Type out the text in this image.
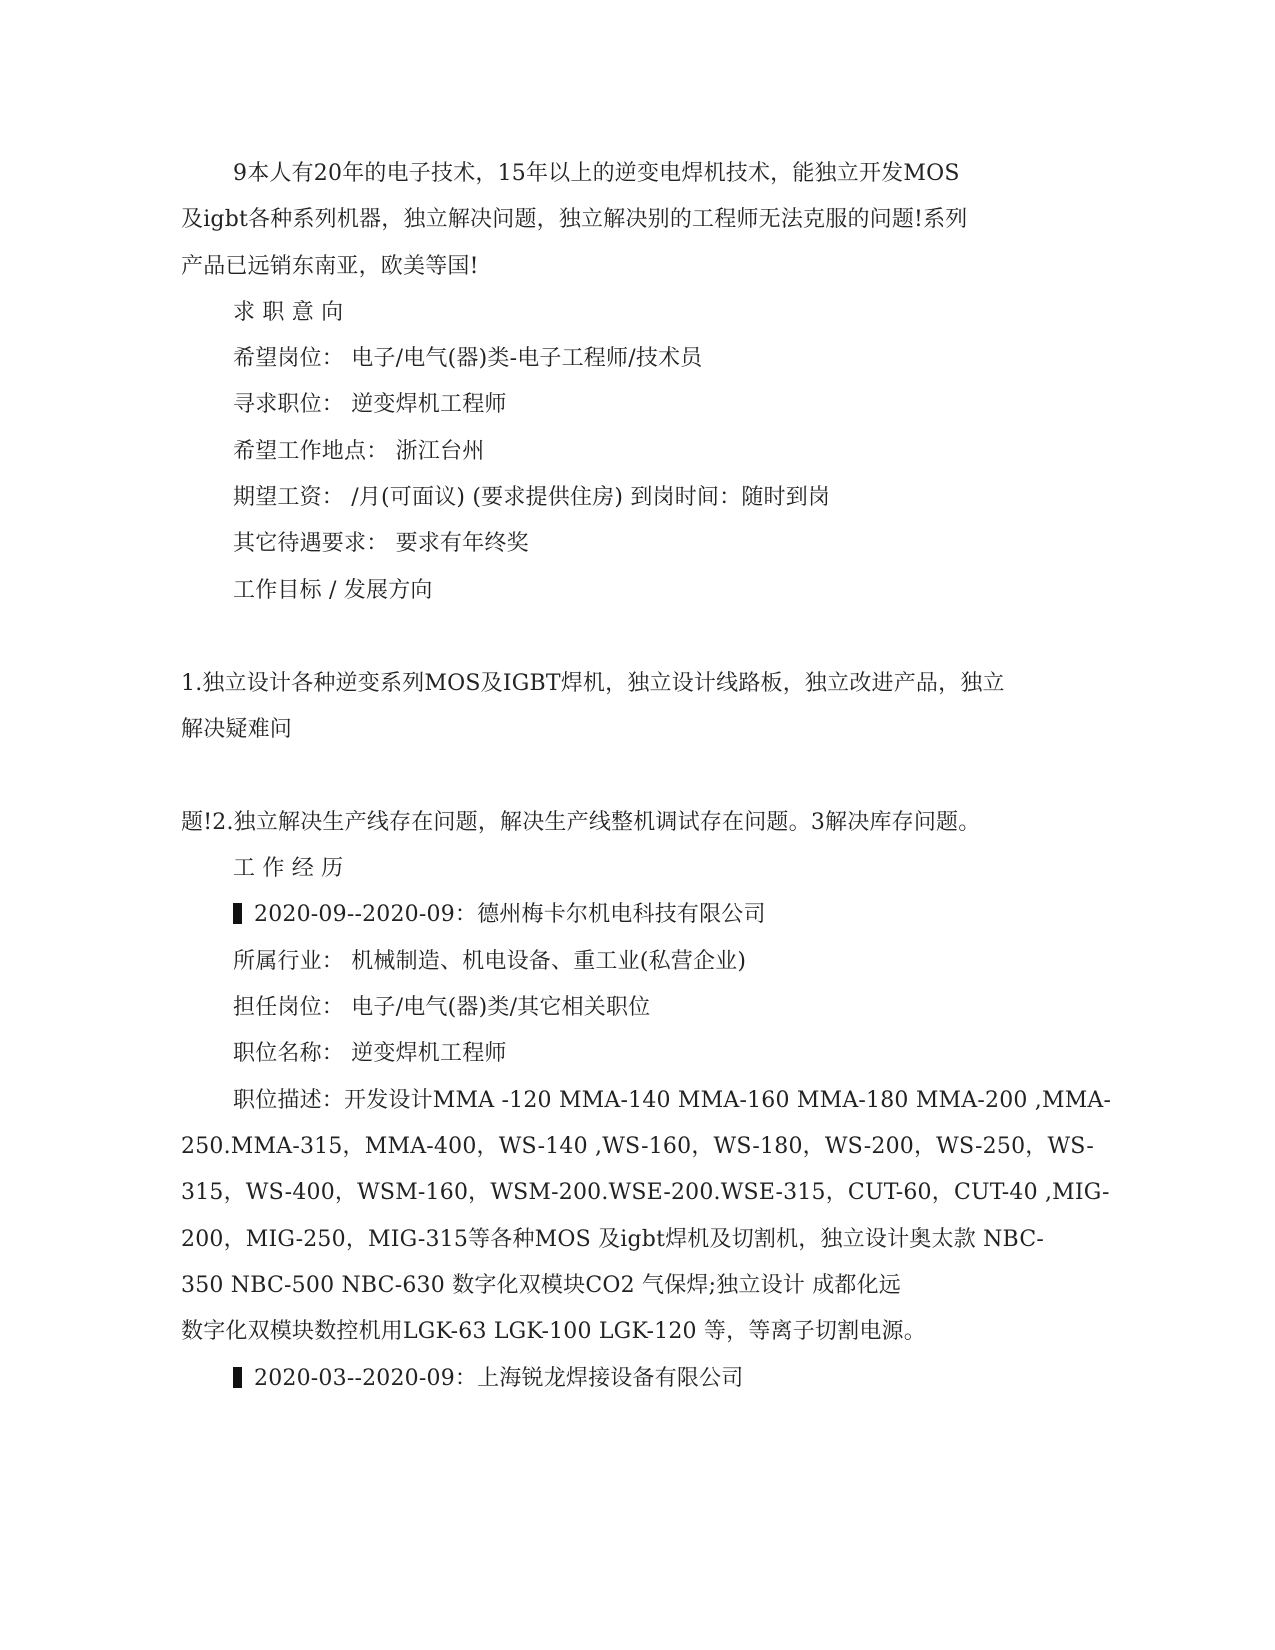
9本人有20年的电子技术，15年以上的逆变电焊机技术，能独立开发MOS
及igbt各种系列机器，独立解决问题，独立解决别的工程师无法克服的问题!系列
产品已远销东南亚，欧美等国!
求 职 意 向
希望岗位： 电子/电气(器)类-电子工程师/技术员
寻求职位： 逆变焊机工程师
希望工作地点： 浙江台州
期望工资： /月(可面议) (要求提供住房) 到岗时间：随时到岗
其它待遇要求： 要求有年终奖
工作目标 / 发展方向
1.独立设计各种逆变系列MOS及IGBT焊机，独立设计线路板，独立改进产品，独立
解决疑难问
题!2.独立解决生产线存在问题，解决生产线整机调试存在问题。3解决库存问题。
工 作 经 历
2020-09--2020-09：德州梅卡尔机电科技有限公司
所属行业： 机械制造、机电设备、重工业(私营企业)
担任岗位： 电子/电气(器)类/其它相关职位
职位名称： 逆变焊机工程师
职位描述：开发设计MMA -120 MMA-140 MMA-160 MMA-180 MMA-200 ,MMA-
250.MMA-315，MMA-400，WS-140 ,WS-160，WS-180，WS-200，WS-250，WS-
315，WS-400，WSM-160，WSM-200.WSE-200.WSE-315，CUT-60，CUT-40 ,MIG-
200，MIG-250，MIG-315等各种MOS 及igbt焊机及切割机，独立设计奥太款 NBC-
350 NBC-500 NBC-630 数字化双模块CO2 气保焊;独立设计 成都化远
数字化双模块数控机用LGK-63 LGK-100 LGK-120 等，等离子切割电源。
2020-03--2020-09：上海锐龙焊接设备有限公司
